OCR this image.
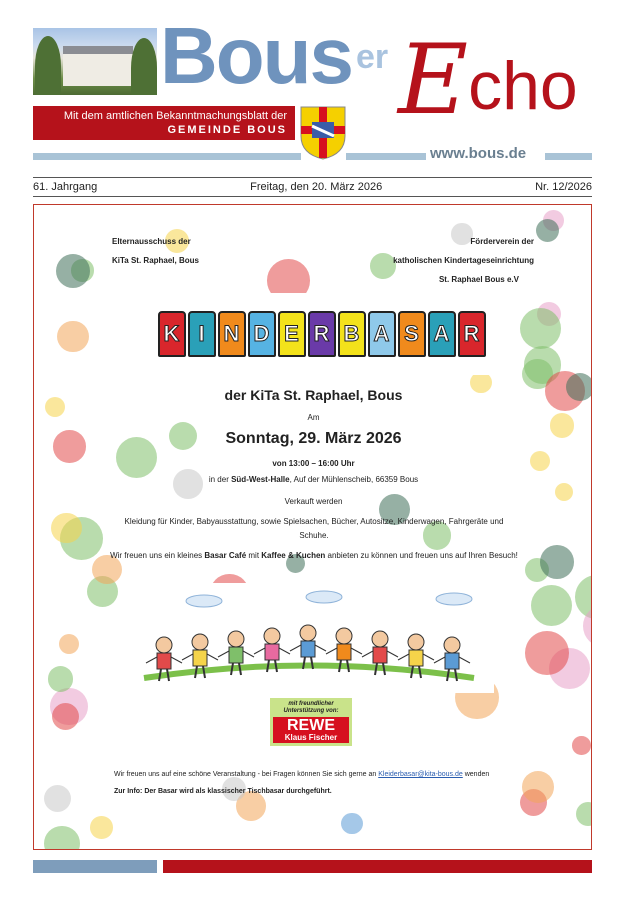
Bous er E cho
Mit dem amtlichen Bekanntmachungsblatt der
GEMEINDE BOUS
www.bous.de
61. Jahrgang	Freitag, den 20. März 2026	Nr. 12/2026
Elternausschuss der
KiTa St. Raphael, Bous
Förderverein der
katholischen Kindertageseinrichtung
St. Raphael Bous e.V
K I N D E R B A S A R
der KiTa St. Raphael, Bous
Am
Sonntag, 29. März 2026
von 13:00 – 16:00 Uhr
in der Süd-West-Halle, Auf der Mühlenscheib, 66359 Bous
Verkauft werden
Kleidung für Kinder, Babyausstattung, sowie Spielsachen, Bücher, Autositze, Kinderwagen, Fahrgeräte und Schuhe.
Wir freuen uns ein kleines Basar Café mit Kaffee & Kuchen anbieten zu können und freuen uns auf Ihren Besuch!
mit freundlicher
Unterstützung von:
REWE
Klaus Fischer
Wir freuen uns auf eine schöne Veranstaltung - bei Fragen können Sie sich gerne an Kleiderbasar@kita-bous.de wenden
Zur Info: Der Basar wird als klassischer Tischbasar durchgeführt.
